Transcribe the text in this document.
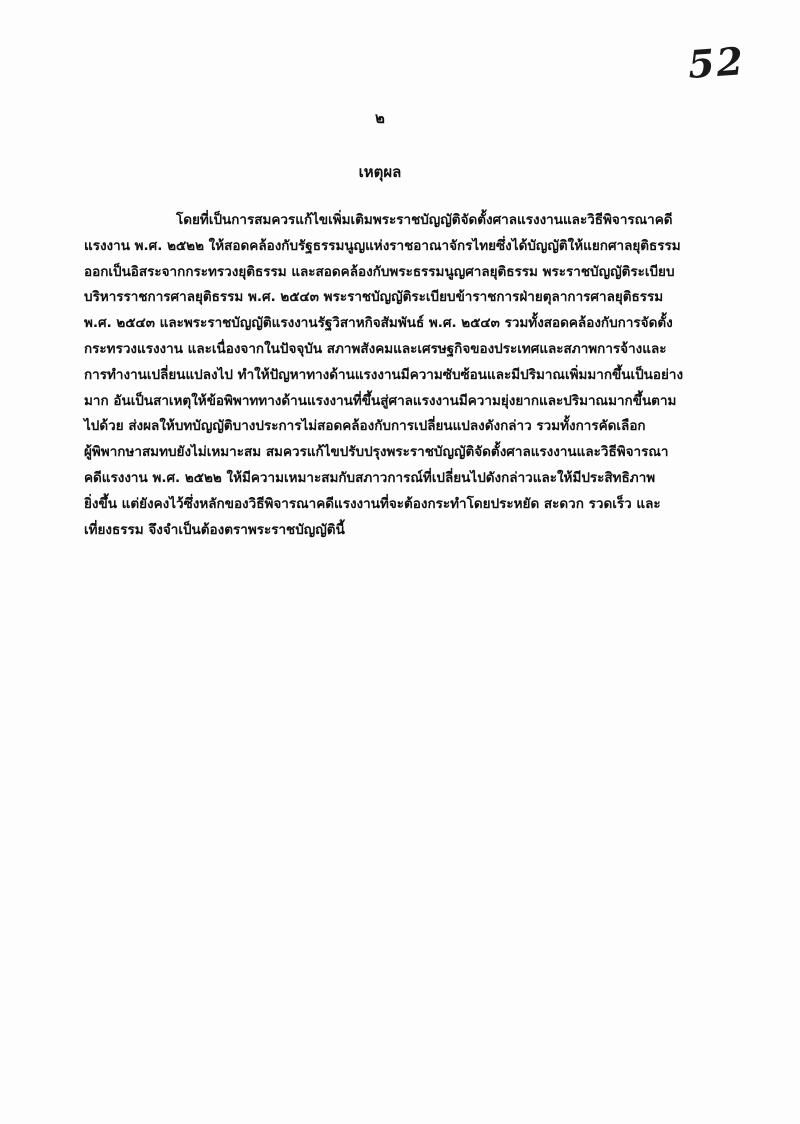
52
๒
เหตุผล
โดยที่เป็นการสมควรแก้ไขเพิ่มเติมพระราชบัญญัติจัดตั้งศาลแรงงานและวิธีพิจารณาคดี
แรงงาน พ.ศ. ๒๕๒๒ ให้สอดคล้องกับรัฐธรรมนูญแห่งราชอาณาจักรไทยซึ่งได้บัญญัติให้แยกศาลยุติธรรม
ออกเป็นอิสระจากกระทรวงยุติธรรม และสอดคล้องกับพระธรรมนูญศาลยุติธรรม พระราชบัญญัติระเบียบ
บริหารราชการศาลยุติธรรม พ.ศ. ๒๕๔๓ พระราชบัญญัติระเบียบข้าราชการฝ่ายตุลาการศาลยุติธรรม
พ.ศ. ๒๕๔๓ และพระราชบัญญัติแรงงานรัฐวิสาหกิจสัมพันธ์ พ.ศ. ๒๕๔๓ รวมทั้งสอดคล้องกับการจัดตั้ง
กระทรวงแรงงาน และเนื่องจากในปัจจุบัน สภาพสังคมและเศรษฐกิจของประเทศและสภาพการจ้างและ
การทำงานเปลี่ยนแปลงไป ทำให้ปัญหาทางด้านแรงงานมีความซับซ้อนและมีปริมาณเพิ่มมากขึ้นเป็นอย่าง
มาก อันเป็นสาเหตุให้ข้อพิพาททางด้านแรงงานที่ขึ้นสู่ศาลแรงงานมีความยุ่งยากและปริมาณมากขึ้นตาม
ไปด้วย ส่งผลให้บทบัญญัติบางประการไม่สอดคล้องกับการเปลี่ยนแปลงดังกล่าว รวมทั้งการคัดเลือก
ผู้พิพากษาสมทบยังไม่เหมาะสม สมควรแก้ไขปรับปรุงพระราชบัญญัติจัดตั้งศาลแรงงานและวิธีพิจารณา
คดีแรงงาน พ.ศ. ๒๕๒๒ ให้มีความเหมาะสมกับสภาวการณ์ที่เปลี่ยนไปดังกล่าวและให้มีประสิทธิภาพ
ยิ่งขึ้น แต่ยังคงไว้ซึ่งหลักของวิธีพิจารณาคดีแรงงานที่จะต้องกระทำโดยประหยัด สะดวก รวดเร็ว และ
เที่ยงธรรม จึงจำเป็นต้องตราพระราชบัญญัตินี้
